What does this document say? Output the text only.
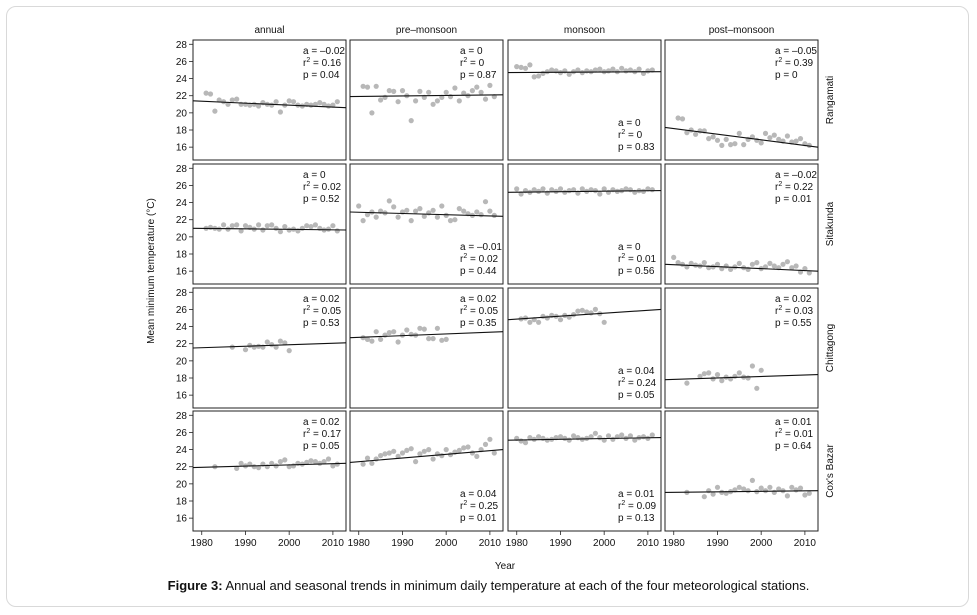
annual	pre–monsoon	monsoon	post–monsoon
Rangamati
Sitakunda
Chittagong
Cox's Bazar
Mean minimum temperature (°C)
Year
16
18
20
22
24
26
28
16
18
20
22
24
26
28
16
18
20
22
24
26
28
16
18
20
22
24
26
28
1980 1990 2000 2010 1980 1990 2000 2010 1980 1990 2000 2010 1980 1990 2000 2010
a = –0.02
$r^2 = 0.16$
p = 0.04
a = 0
$r^2 = 0$
p = 0.87
a = 0
$r^2 = 0$
p = 0.83
a = –0.05
$r^2 = 0.39$
p = 0
a = 0
$r^2 = 0.02$
p = 0.52
a = –0.01
$r^2 = 0.02$
p = 0.44
a = 0
$r^2 = 0.01$
p = 0.56
a = –0.02
$r^2 = 0.22$
p = 0.01
a = 0.02
$r^2 = 0.05$
p = 0.53
a = 0.02
$r^2 = 0.05$
p = 0.35
a = 0.04
$r^2 = 0.24$
p = 0.05
a = 0.02
$r^2 = 0.03$
p = 0.55
a = 0.02
$r^2 = 0.17$
p = 0.05
a = 0.04
$r^2 = 0.25$
p = 0.01
a = 0.01
$r^2 = 0.09$
p = 0.13
a = 0.01
$r^2 = 0.01$
p = 0.64
Figure 3: Annual and seasonal trends in minimum daily temperature at each of the four meteorological stations.
